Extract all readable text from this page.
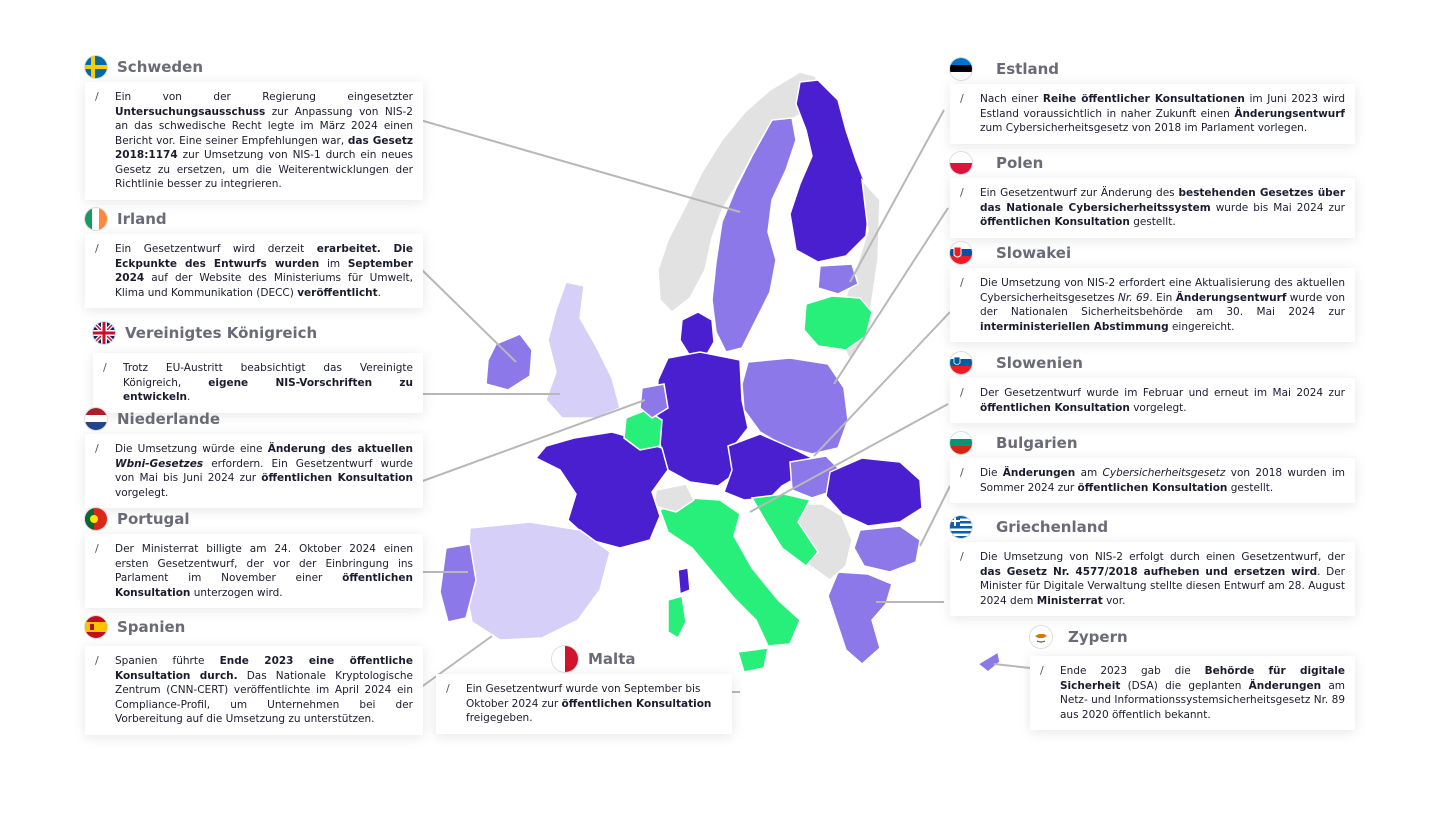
Schweden
/ Ein von der Regierung eingesetzter Untersuchungsausschuss zur Anpassung von NIS-2 an das schwedische Recht legte im März 2024 einen Bericht vor. Eine seiner Empfehlungen war, das Gesetz 2018:1174 zur Umsetzung von NIS-1 durch ein neues Gesetz zu ersetzen, um die Weiterentwicklungen der Richtlinie besser zu integrieren.
Irland
/ Ein Gesetzentwurf wird derzeit erarbeitet. Die Eckpunkte des Entwurfs wurden im September 2024 auf der Website des Ministeriums für Umwelt, Klima und Kommunikation (DECC) veröffentlicht.
Vereinigtes Königreich
/ Trotz EU-Austritt beabsichtigt das Vereinigte Königreich, eigene NIS-Vorschriften zu entwickeln.
Niederlande
/ Die Umsetzung würde eine Änderung des aktuellen Wbni-Gesetzes erfordern. Ein Gesetzentwurf wurde von Mai bis Juni 2024 zur öffentlichen Konsultation vorgelegt.
Portugal
/ Der Ministerrat billigte am 24. Oktober 2024 einen ersten Gesetzentwurf, der vor der Einbringung ins Parlament im November einer öffentlichen Konsultation unterzogen wird.
Spanien
/ Spanien führte Ende 2023 eine öffentliche Konsultation durch. Das Nationale Kryptologische Zentrum (CNN-CERT) veröffentlichte im April 2024 ein Compliance-Profil, um Unternehmen bei der Vorbereitung auf die Umsetzung zu unterstützen.
Malta
/ Ein Gesetzentwurf wurde von September bis Oktober 2024 zur öffentlichen Konsultation freigegeben.
Estland
/ Nach einer Reihe öffentlicher Konsultationen im Juni 2023 wird Estland voraussichtlich in naher Zukunft einen Änderungsentwurf zum Cybersicherheitsgesetz von 2018 im Parlament vorlegen.
Polen
/ Ein Gesetzentwurf zur Änderung des bestehenden Gesetzes über das Nationale Cybersicherheitssystem wurde bis Mai 2024 zur öffentlichen Konsultation gestellt.
Slowakei
/ Die Umsetzung von NIS-2 erfordert eine Aktualisierung des aktuellen Cybersicherheitsgesetzes Nr. 69. Ein Änderungsentwurf wurde von der Nationalen Sicherheitsbehörde am 30. Mai 2024 zur interministeriellen Abstimmung eingereicht.
Slowenien
/ Der Gesetzentwurf wurde im Februar und erneut im Mai 2024 zur öffentlichen Konsultation vorgelegt.
Bulgarien
/ Die Änderungen am Cybersicherheitsgesetz von 2018 wurden im Sommer 2024 zur öffentlichen Konsultation gestellt.
Griechenland
/ Die Umsetzung von NIS-2 erfolgt durch einen Gesetzentwurf, der das Gesetz Nr. 4577/2018 aufheben und ersetzen wird. Der Minister für Digitale Verwaltung stellte diesen Entwurf am 28. August 2024 dem Ministerrat vor.
Zypern
/ Ende 2023 gab die Behörde für digitale Sicherheit (DSA) die geplanten Änderungen am Netz- und Informationssystemsicherheitsgesetz Nr. 89 aus 2020 öffentlich bekannt.
